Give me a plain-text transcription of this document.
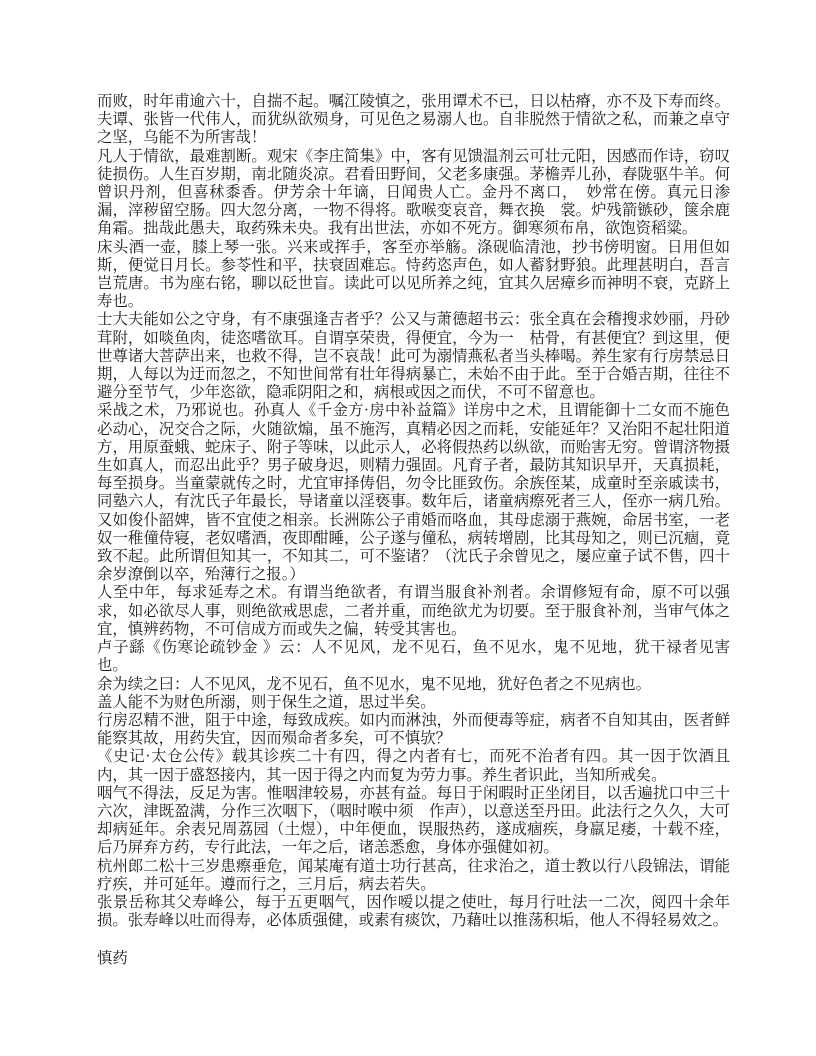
而败，时年甫逾六十，自揣不起。嘱江陵慎之，张用谭术不已，日以枯瘠，亦不及下寿而终。夫谭、张皆一代伟人，而犹纵欲殒身，可见色之易溺人也。自非脱然于情欲之私，而兼之卓守之坚，乌能不为所害哉！

凡人于情欲，最难割断。观宋《李庄简集》中，客有见馈温剂云可壮元阳，因感而作诗，窃叹徒损伤。人生百岁期，南北随炎凉。君看田野间，父老多康强。茅檐弄儿孙，春陇驱牛羊。何曾识丹剂，但喜秫黍香。伊芳余十年谪，日闻贵人亡。金丹不离口，　妙常在傍。真元日渗漏，滓秽留空肠。四大忽分离，一物不得将。歌喉变哀音，舞衣换　裳。炉残箭镞砂，箧余鹿角霜。拙哉此愚夫，取药殊未央。我有出世法，亦如不死方。御寒须布帛，欲饱资稻粱。

床头酒一壶，膝上琴一张。兴来或挥手，客至亦举觞。涤砚临清池，抄书傍明窗。日用但如斯，便觉日月长。参苓性和平，扶衰固难忘。恃药恣声色，如人蓄豺野狼。此理甚明白，吾言岂荒唐。书为座右铭，聊以砭世盲。读此可以见所养之纯，宜其久居瘴乡而神明不衰，克跻上寿也。

士大夫能如公之守身，有不康强逢吉者乎？公又与萧德超书云：张全真在会稽搜求妙丽，丹砂茸附，如啖鱼肉，徒恣嗜欲耳。自谓享荣贵，得便宜，今为一　枯骨，有甚便宜？到这里，便世尊诸大菩萨出来，也救不得，岂不哀哉！此可为溺情燕私者当头棒喝。养生家有行房禁忌日期，人每以为迂而忽之，不知世间常有壮年得病暴亡，未始不由于此。至于合婚吉期，往往不避分至节气，少年恣欲，隐乖阴阳之和，病根或因之而伏，不可不留意也。

采战之术，乃邪说也。孙真人《千金方·房中补益篇》详房中之术，且谓能御十二女而不施色必动心，况交合之际，火随欲煽，虽不施泻，真精必因之而耗，安能延年？又治阳不起壮阳道方，用原蚕蛾、蛇床子、附子等味，以此示人，必将假热药以纵欲，而贻害无穷。曾谓济物摄生如真人，而忍出此乎？男子破身迟，则精力强固。凡育子者，最防其知识早开，天真损耗，每至损身。当童蒙就传之时，尤宜审择俦侣，勿令比匪致伤。余族侄某，成童时至亲戚读书，同塾六人，有沈氏子年最长，导诸童以淫亵事。数年后，诸童病瘵死者三人，侄亦一病几殆。又如俊仆韶婢，皆不宜使之相亲。长洲陈公子甫婚而咯血，其母虑溺于燕婉，命居书室，一老奴一稚僮侍寝，老奴嗜酒，夜即酣睡，公子遂与僮私，病转增剧，比其母知之，则已沉痼，竟致不起。此所谓但知其一，不知其二，可不鉴诸？（沈氏子余曾见之，屡应童子试不售，四十余岁潦倒以卒，殆薄行之报。）

人至中年，每求延寿之术。有谓当绝欲者，有谓当服食补剂者。余谓修短有命，原不可以强求，如必欲尽人事，则绝欲戒思虑，二者并重，而绝欲尤为切要。至于服食补剂，当审气体之宜，慎辨药物，不可信成方而或失之偏，转受其害也。

卢子繇《伤寒论疏钞金 》云：人不见风，龙不见石，鱼不见水，鬼不见地，犹干禄者见害也。

余为续之曰：人不见风，龙不见石，鱼不见水，鬼不见地，犹好色者之不见病也。

盖人能不为财色所溺，则于保生之道，思过半矣。

行房忍精不泄，阻于中途，每致成疾。如内而淋浊，外而便毒等症，病者不自知其由，医者鲜能察其故，用药失宜，因而殒命者多矣，可不慎欤？

《史记·太仓公传》载其诊疾二十有四，得之内者有七，而死不治者有四。其一因于饮酒且内，其一因于盛怒接内，其一因于得之内而复为劳力事。养生者识此，当知所戒矣。

咽气不得法，反足为害。惟咽津较易，亦甚有益。每日于闲暇时正坐闭目，以舌遍扰口中三十六次，津既盈满，分作三次咽下，（咽时喉中须　作声），以意送至丹田。此法行之久久，大可却病延年。余表兄周荔园（土煜），中年便血，误服热药，遂成痼疾，身羸足痿，十载不痊，后乃屏弃方药，专行此法，一年之后，诸恙悉愈，身体亦强健如初。

杭州郎二松十三岁患瘵垂危，闻某庵有道士功行甚高，往求治之，道士教以行八段锦法，谓能疗疾，并可延年。遵而行之，三月后，病去若失。

张景岳称其父寿峰公，每于五更咽气，因作嗳以提之使吐，每月行吐法一二次，阅四十余年损。张寿峰以吐而得寿，必体质强健，或素有痰饮，乃藉吐以推荡积垢，他人不得轻易效之。

慎药
